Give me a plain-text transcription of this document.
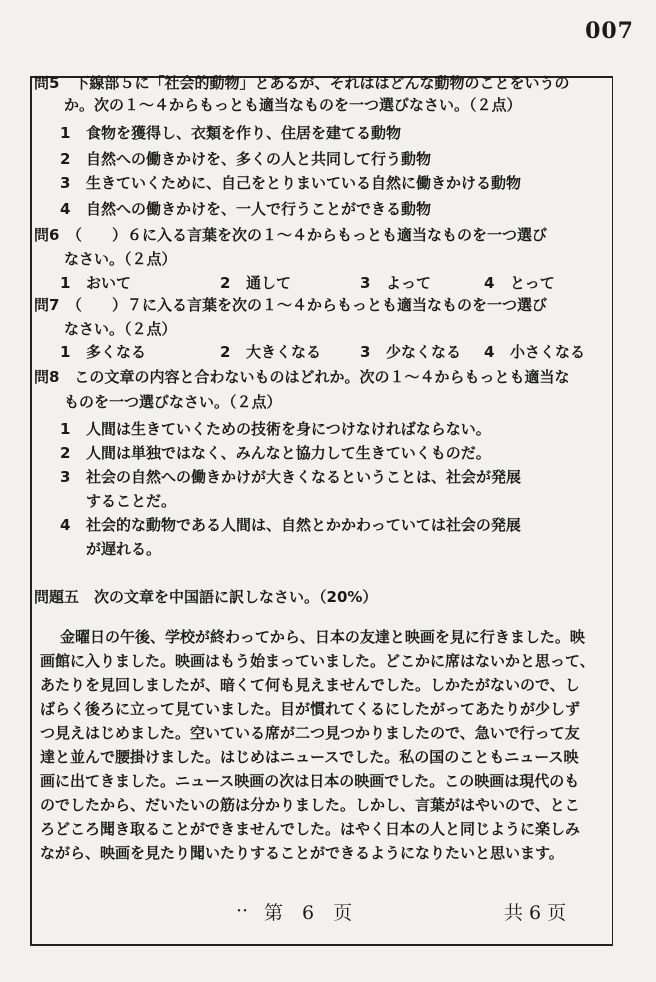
007
問5　下線部５に「社会的動物」とあるが、それははどんな動物のことをいうの
か。次の１～４からもっとも適当なものを一つ選びなさい。（２点）
1 食物を獲得し、衣類を作り、住居を建てる動物
2 自然への働きかけを、多くの人と共同して行う動物
3 生きていくために、自己をとりまいている自然に働きかける動物
4 自然への働きかけを、一人で行うことができる動物
問6　（　　）６に入る言葉を次の１～４からもっとも適当なものを一つ選び
なさい。（２点）
1 おいて	2 通して	3 よって	4 とって
問7　（　　）７に入る言葉を次の１～４からもっとも適当なものを一つ選び
なさい。（２点）
1 多くなる	2 大きくなる	3 少なくなる 4 小さくなる
問8　この文章の内容と合わないものはどれか。次の１～４からもっとも適当な
ものを一つ選びなさい。（２点）
1 人間は生きていくための技術を身につけなければならない。
2 人間は単独ではなく、みんなと協力して生きていくものだ。
3 社会の自然への働きかけが大きくなるということは、社会が発展
することだ。
4 社会的な動物である人間は、自然とかかわっていては社会の発展
が遅れる。
問題五　次の文章を中国語に訳しなさい。（20%）
金曜日の午後、学校が終わってから、日本の友達と映画を見に行きました。映
画館に入りました。映画はもう始まっていました。どこかに席はないかと思って、
あたりを見回しましたが、暗くて何も見えませんでした。しかたがないので、し
ばらく後ろに立って見ていました。目が慣れてくるにしたがってあたりが少しず
つ見えはじめました。空いている席が二つ見つかりましたので、急いで行って友
達と並んで腰掛けました。はじめはニュースでした。私の国のこともニュース映
画に出てきました。ニュース映画の次は日本の映画でした。この映画は現代のも
のでしたから、だいたいの筋は分かりました。しかし、言葉がはやいので、とこ
ろどころ聞き取ることができませんでした。はやく日本の人と同じように楽しみ
ながら、映画を見たり聞いたりすることができるようになりたいと思います。
·· 第　6　页	共 6 页
